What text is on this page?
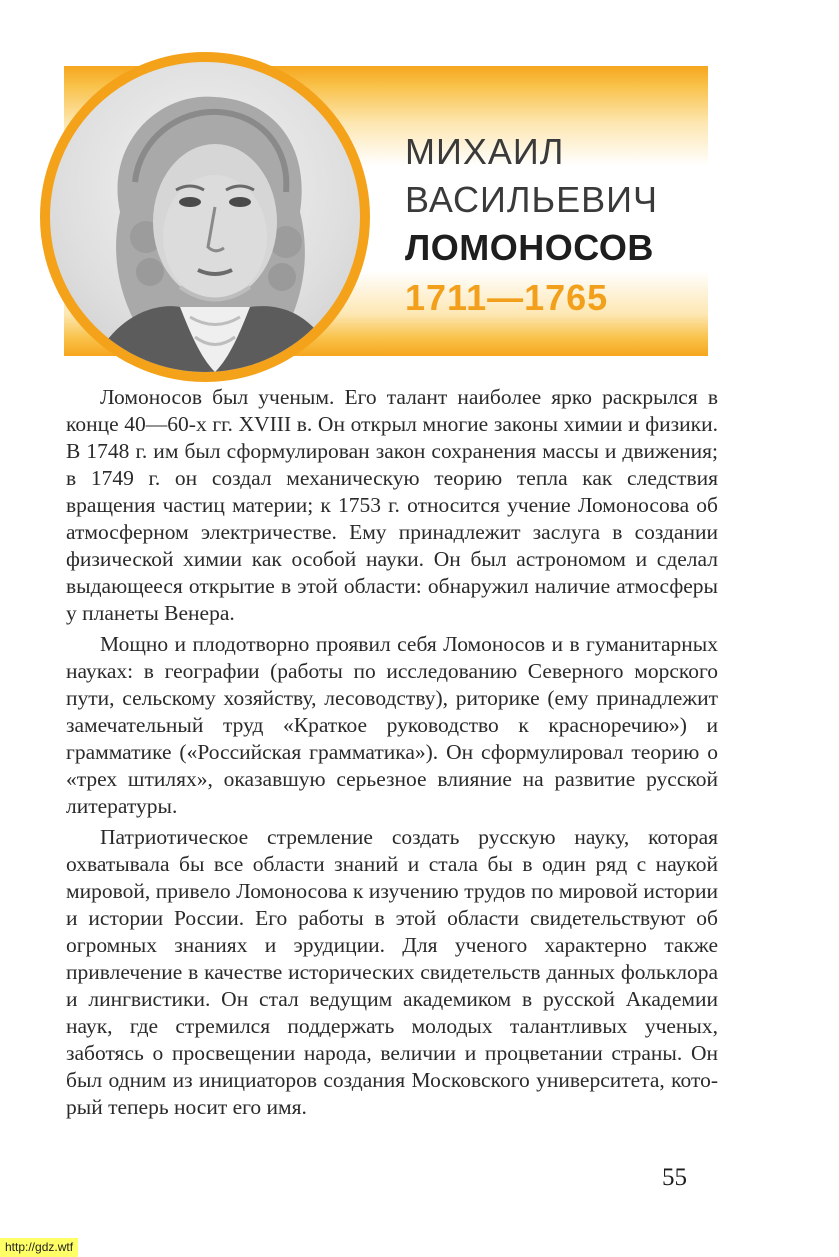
МИХАИЛ

ВАСИЛЬЕВИЧ

ЛОМОНОСОВ

1711—1765

Ломоносов был ученым. Его талант наиболее ярко раскрылся в конце 40—60-х гг. XVIII в. Он открыл многие законы химии и физики. В 1748 г. им был сформулирован закон сохранения массы и движения; в 1749 г. он создал механическую теорию тепла как следствия вращения частиц материи; к 1753 г. относится учение Ломоносова об атмосферном электричестве. Ему принадлежит заслуга в создании физической химии как особой науки. Он был астрономом и сделал выдающееся открытие в этой области: обнаружил наличие атмосферы у планеты Венера.

Мощно и плодотворно проявил себя Ломоносов и в гуманитарных науках: в географии (работы по исследованию Северного морского пути, сельскому хозяйству, лесоводству), риторике (ему принадлежит замечательный труд «Краткое руководство к красноречию») и грамматике («Российская грамматика»). Он сформулировал теорию о «трех штилях», оказавшую серьезное влияние на развитие русской литературы.

Патриотическое стремление создать русскую науку, которая охватывала бы все области знаний и стала бы в один ряд с наукой мировой, привело Ломоносова к изучению трудов по мировой истории и истории России. Его работы в этой области свидетельствуют об огромных знаниях и эрудиции. Для ученого характерно также привлечение в качестве исторических свидетельств данных фольклора и лингвистики. Он стал ведущим академиком в русской Академии наук, где стремился поддержать молодых талантливых ученых, заботясь о просвещении народа, величии и процветании страны. Он был одним из инициаторов создания Московского университета, который теперь носит его имя.

55
http://gdz.wtf
